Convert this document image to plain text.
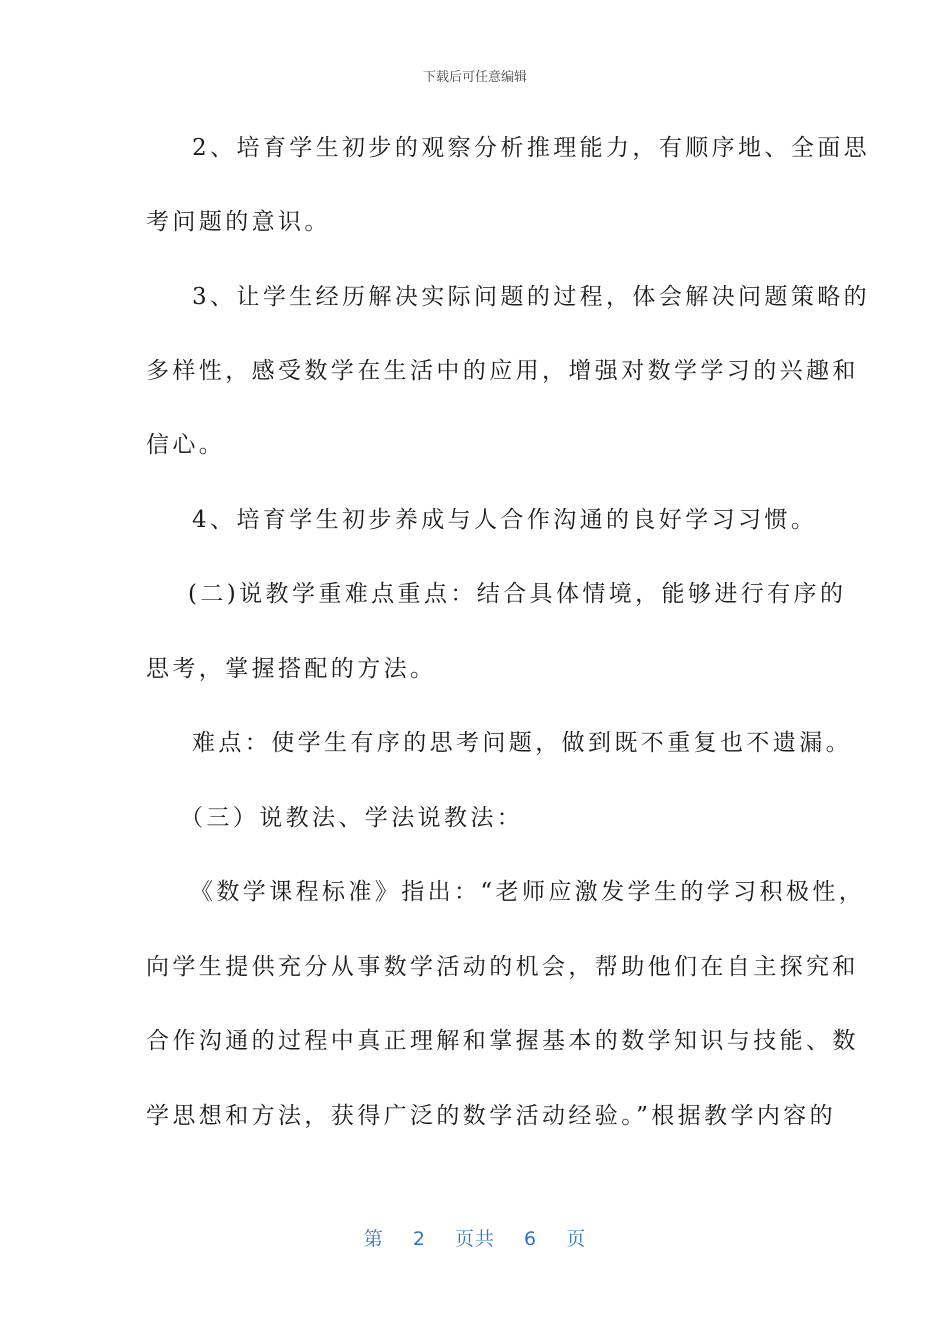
下载后可任意编辑
2、培育学生初步的观察分析推理能力，有顺序地、全面思
考问题的意识。
3、让学生经历解决实际问题的过程，体会解决问题策略的
多样性，感受数学在生活中的应用，增强对数学学习的兴趣和
信心。
4、培育学生初步养成与人合作沟通的良好学习习惯。
(二)说教学重难点重点：结合具体情境，能够进行有序的
思考，掌握搭配的方法。
难点：使学生有序的思考问题，做到既不重复也不遗漏。
（三）说教法、学法说教法：
《数学课程标准》指出：“老师应激发学生的学习积极性，
向学生提供充分从事数学活动的机会，帮助他们在自主探究和
合作沟通的过程中真正理解和掌握基本的数学知识与技能、数
学思想和方法，获得广泛的数学活动经验。”根据教学内容的
第 2 页共 6 页
